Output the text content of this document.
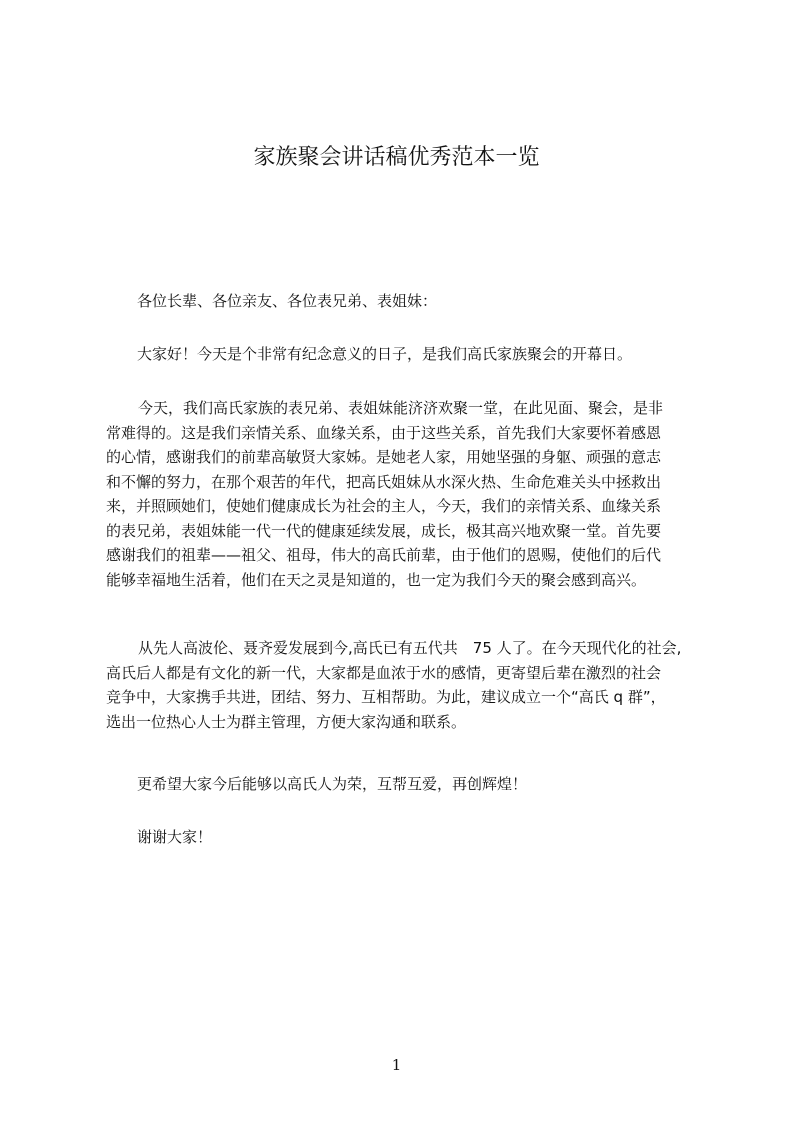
家族聚会讲话稿优秀范本一览
各位长辈、各位亲友、各位表兄弟、表姐妹：
大家好！今天是个非常有纪念意义的日子，是我们高氏家族聚会的开幕日。
今天，我们高氏家族的表兄弟、表姐妹能济济欢聚一堂，在此见面、聚会，是非
常难得的。这是我们亲情关系、血缘关系，由于这些关系，首先我们大家要怀着感恩
的心情，感谢我们的前辈高敏贤大家姊。是她老人家，用她坚强的身躯、顽强的意志
和不懈的努力，在那个艰苦的年代，把高氏姐妹从水深火热、生命危难关头中拯救出
来，并照顾她们，使她们健康成长为社会的主人，今天，我们的亲情关系、血缘关系
的表兄弟，表姐妹能一代一代的健康延续发展，成长，极其高兴地欢聚一堂。首先要
感谢我们的祖辈——祖父、祖母，伟大的高氏前辈，由于他们的恩赐，使他们的后代
能够幸福地生活着，他们在天之灵是知道的，也一定为我们今天的聚会感到高兴。
从先人高波伦、聂齐爱发展到今,高氏已有五代共　75 人了。在今天现代化的社会,
高氏后人都是有文化的新一代，大家都是血浓于水的感情，更寄望后辈在激烈的社会
竞争中，大家携手共进，团结、努力、互相帮助。为此，建议成立一个“高氏 q 群”，
选出一位热心人士为群主管理，方便大家沟通和联系。
更希望大家今后能够以高氏人为荣，互帮互爱，再创辉煌！
谢谢大家！
1
